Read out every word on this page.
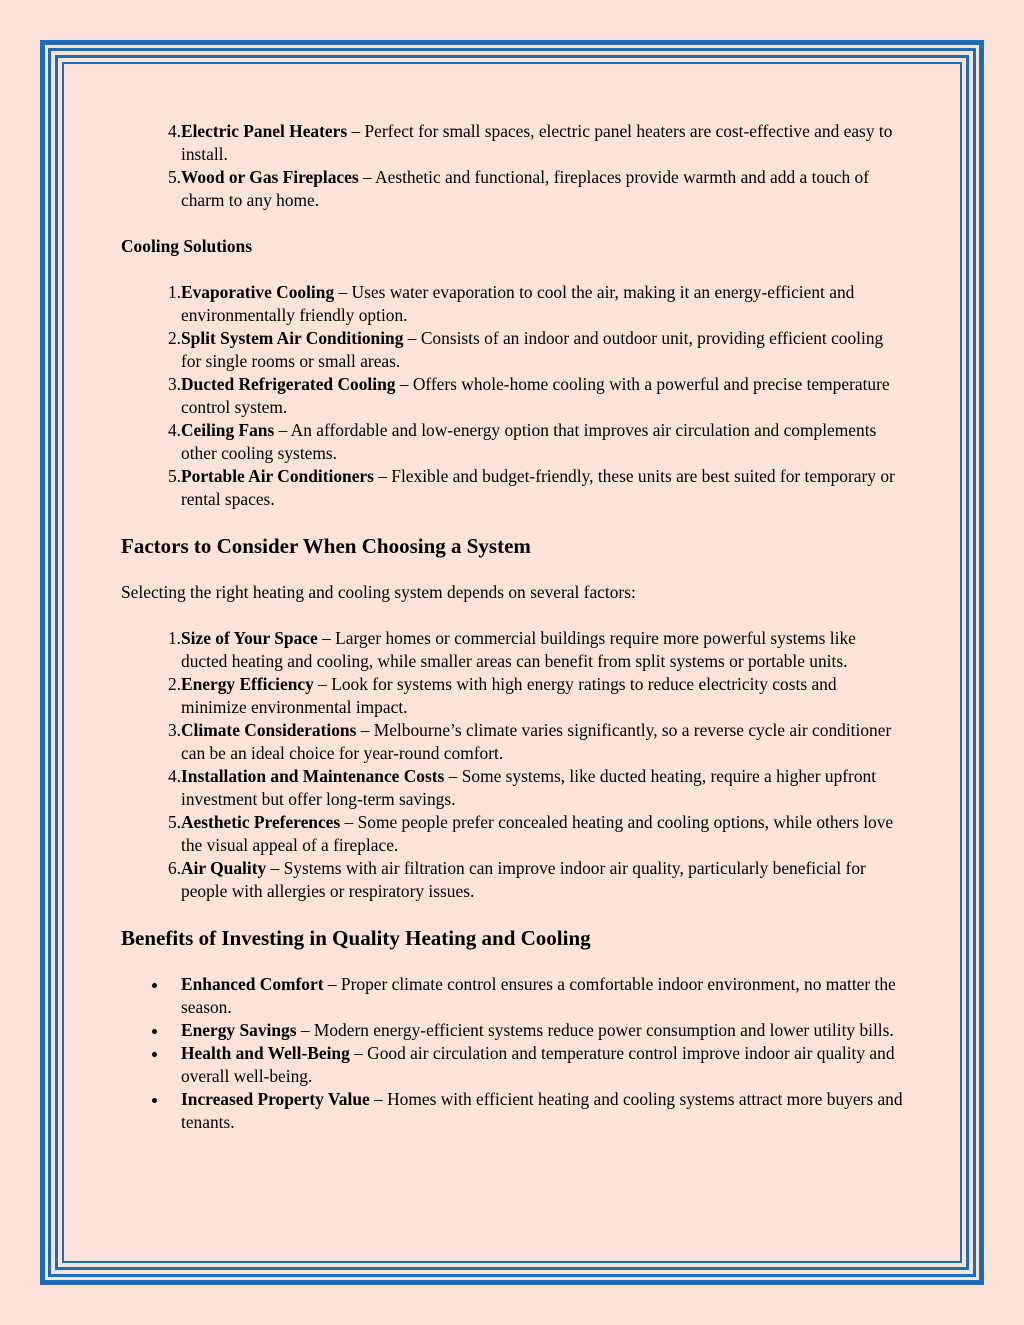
4. Electric Panel Heaters – Perfect for small spaces, electric panel heaters are cost-effective and easy to install.
5. Wood or Gas Fireplaces – Aesthetic and functional, fireplaces provide warmth and add a touch of charm to any home.
Cooling Solutions
1. Evaporative Cooling – Uses water evaporation to cool the air, making it an energy-efficient and environmentally friendly option.
2. Split System Air Conditioning – Consists of an indoor and outdoor unit, providing efficient cooling for single rooms or small areas.
3. Ducted Refrigerated Cooling – Offers whole-home cooling with a powerful and precise temperature control system.
4. Ceiling Fans – An affordable and low-energy option that improves air circulation and complements other cooling systems.
5. Portable Air Conditioners – Flexible and budget-friendly, these units are best suited for temporary or rental spaces.
Factors to Consider When Choosing a System
Selecting the right heating and cooling system depends on several factors:
1. Size of Your Space – Larger homes or commercial buildings require more powerful systems like ducted heating and cooling, while smaller areas can benefit from split systems or portable units.
2. Energy Efficiency – Look for systems with high energy ratings to reduce electricity costs and minimize environmental impact.
3. Climate Considerations – Melbourne’s climate varies significantly, so a reverse cycle air conditioner can be an ideal choice for year-round comfort.
4. Installation and Maintenance Costs – Some systems, like ducted heating, require a higher upfront investment but offer long-term savings.
5. Aesthetic Preferences – Some people prefer concealed heating and cooling options, while others love the visual appeal of a fireplace.
6. Air Quality – Systems with air filtration can improve indoor air quality, particularly beneficial for people with allergies or respiratory issues.
Benefits of Investing in Quality Heating and Cooling
Enhanced Comfort – Proper climate control ensures a comfortable indoor environment, no matter the season.
Energy Savings – Modern energy-efficient systems reduce power consumption and lower utility bills.
Health and Well-Being – Good air circulation and temperature control improve indoor air quality and overall well-being.
Increased Property Value – Homes with efficient heating and cooling systems attract more buyers and tenants.
